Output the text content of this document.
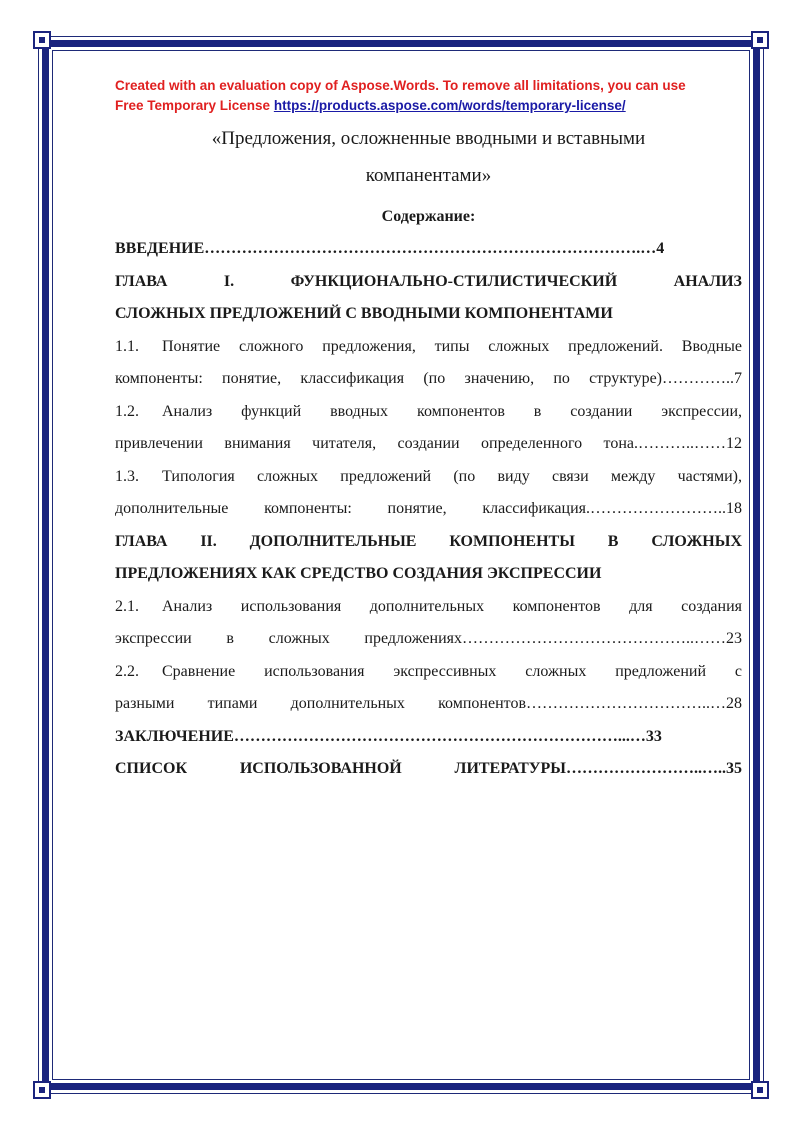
Created with an evaluation copy of Aspose.Words. To remove all limitations, you can use
Free Temporary License https://products.aspose.com/words/temporary-license/
«Предложения, осложненные вводными и вставными
компанентами»
Содержание:
ВВЕДЕНИЕ……………………………………………………………………….…4
ГЛАВА I. ФУНКЦИОНАЛЬНО-СТИЛИСТИЧЕСКИЙ АНАЛИЗ
СЛОЖНЫХ ПРЕДЛОЖЕНИЙ С ВВОДНЫМИ КОМПОНЕНТАМИ
1.1. Понятие сложного предложения, типы сложных предложений. Вводные
компоненты: понятие, классификация (по значению, по структуре)…………..7
1.2. Анализ функций вводных компонентов в создании экспрессии,
привлечении внимания читателя, создании определенного тона.………..……12
1.3. Типология сложных предложений (по виду связи между частями),
дополнительные компоненты: понятие, классификация.……………………..18
ГЛАВА II. ДОПОЛНИТЕЛЬНЫЕ КОМПОНЕНТЫ В СЛОЖНЫХ
ПРЕДЛОЖЕНИЯХ КАК СРЕДСТВО СОЗДАНИЯ ЭКСПРЕССИИ
2.1. Анализ использования дополнительных компонентов для создания
экспрессии в сложных предложениях……………………………………..……23
2.2. Сравнение использования экспрессивных сложных предложений с
разными типами дополнительных компонентов……………………………..…28
ЗАКЛЮЧЕНИЕ………………………………………………………………...…33
СПИСОК ИСПОЛЬЗОВАННОЙ ЛИТЕРАТУРЫ……………………..…..35
